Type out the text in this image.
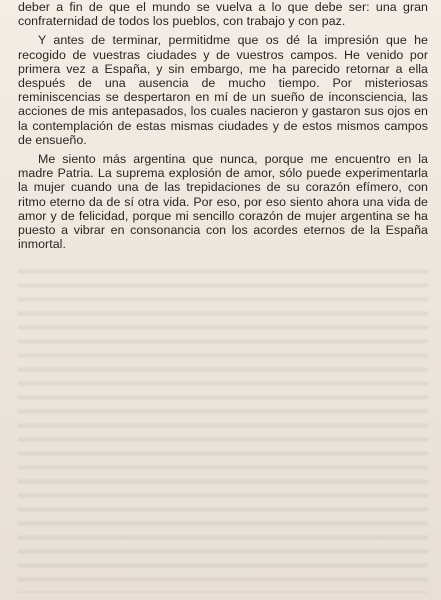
deber a fin de que el mundo se vuelva a lo que debe ser: una gran confraternidad de todos los pueblos, con trabajo y con paz.

Y antes de terminar, permitidme que os dé la impresión que he recogido de vuestras ciudades y de vuestros campos. He venido por primera vez a España, y sin embargo, me ha parecido retornar a ella después de una ausencia de mucho tiempo. Por misteriosas reminiscencias se despertaron en mí de un sueño de inconsciencia, las acciones de mis antepasados, los cuales nacieron y gastaron sus ojos en la contemplación de estas mismas ciudades y de estos mismos campos de ensueño.

Me siento más argentina que nunca, porque me encuentro en la madre Patria. La suprema explosión de amor, sólo puede experimentarla la mujer cuando una de las trepidaciones de su corazón efímero, con ritmo eterno da de sí otra vida. Por eso, por eso siento ahora una vida de amor y de felicidad, porque mi sencillo corazón de mujer argentina se ha puesto a vibrar en consonancia con los acordes eternos de la España inmortal.
